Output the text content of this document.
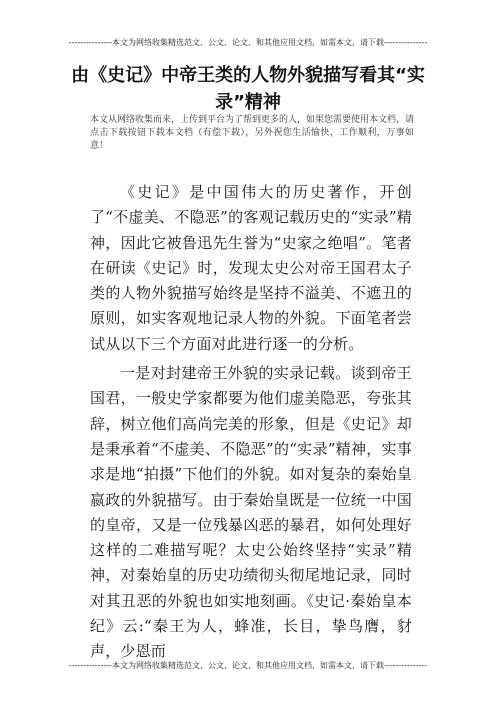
---------------本文为网络收集精选范文、公文、论文、和其他应用文档，如需本文，请下载---------------
由《史记》中帝王类的人物外貌描写看其“实录”精神
本文从网络收集而来，上传到平台为了帮到更多的人，如果您需要使用本文档，请点击下载按钮下载本文档（有偿下载），另外祝您生活愉快，工作顺利，万事如意！

《史记》是中国伟大的历史著作，开创了“不虚美、不隐恶”的客观记载历史的“实录”精神，因此它被鲁迅先生誉为“史家之绝唱”。笔者在研读《史记》时，发现太史公对帝王国君太子类的人物外貌描写始终是坚持不溢美、不遮丑的原则，如实客观地记录人物的外貌。下面笔者尝试从以下三个方面对此进行逐一的分析。

一是对封建帝王外貌的实录记载。谈到帝王国君，一般史学家都要为他们虚美隐恶，夸张其辞，树立他们高尚完美的形象，但是《史记》却是秉承着“不虚美、不隐恶”的“实录”精神，实事求是地“拍摄”下他们的外貌。如对复杂的秦始皇嬴政的外貌描写。由于秦始皇既是一位统一中国的皇帝，又是一位残暴凶恶的暴君，如何处理好这样的二难描写呢？太史公始终坚持“实录”精神，对秦始皇的历史功绩彻头彻尾地记录，同时对其丑恶的外貌也如实地刻画。《史记·秦始皇本纪》云:“秦王为人，蜂准，长目，挚鸟膺，豺声，少恩而

---------------本文为网络收集精选范文、公文、论文、和其他应用文档，如需本文，请下载---------------
